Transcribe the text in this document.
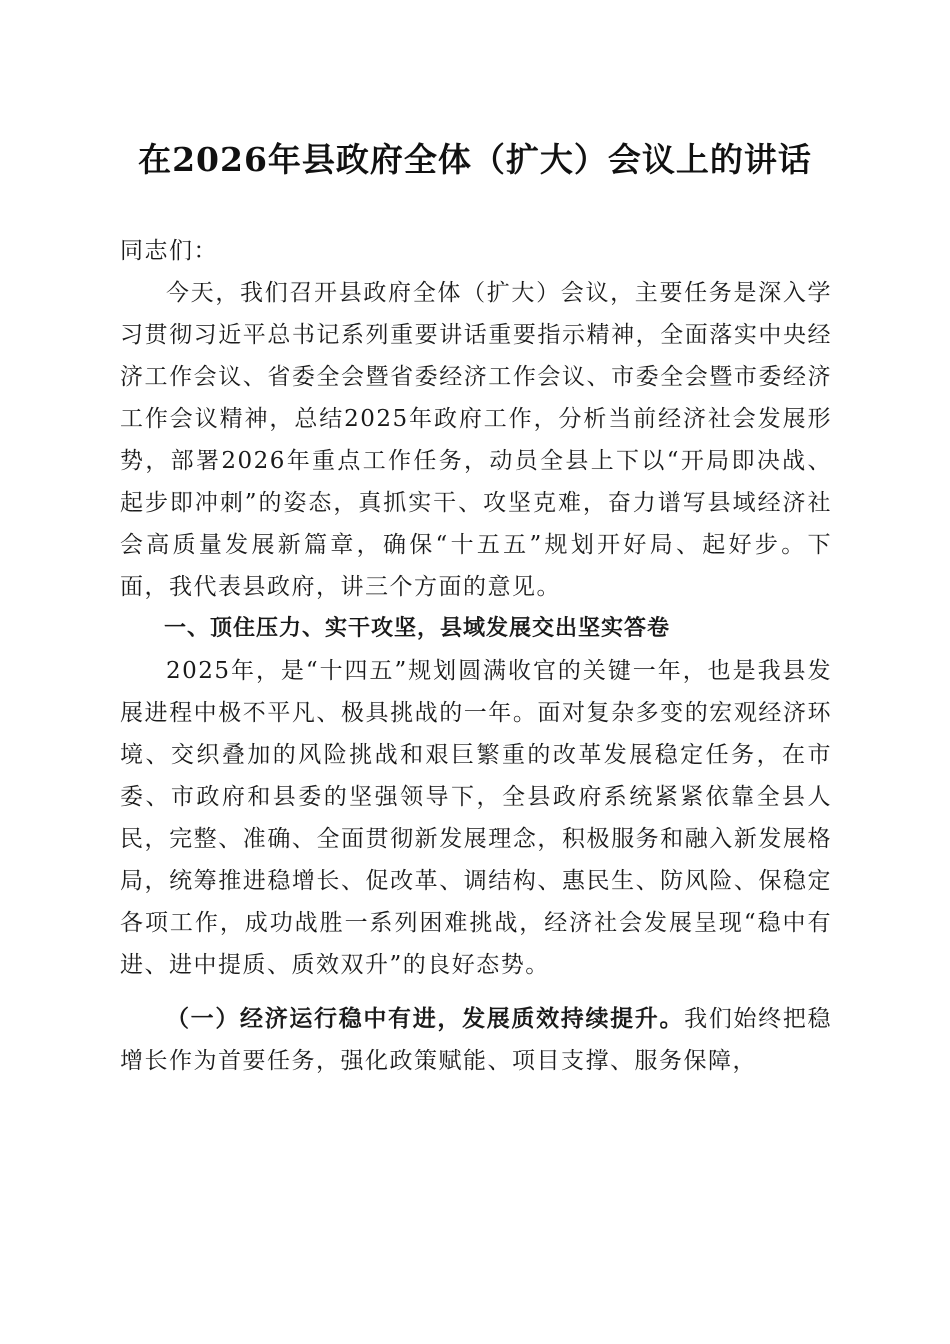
在2026年县政府全体（扩大）会议上的讲话

同志们：

今天，我们召开县政府全体（扩大）会议，主要任务是深入学习贯彻习近平总书记系列重要讲话重要指示精神，全面落实中央经济工作会议、省委全会暨省委经济工作会议、市委全会暨市委经济工作会议精神，总结2025年政府工作，分析当前经济社会发展形势，部署2026年重点工作任务，动员全县上下以“开局即决战、起步即冲刺”的姿态，真抓实干、攻坚克难，奋力谱写县域经济社会高质量发展新篇章，确保“十五五”规划开好局、起好步。下面，我代表县政府，讲三个方面的意见。

一、顶住压力、实干攻坚，县域发展交出坚实答卷

2025年，是“十四五”规划圆满收官的关键一年，也是我县发展进程中极不平凡、极具挑战的一年。面对复杂多变的宏观经济环境、交织叠加的风险挑战和艰巨繁重的改革发展稳定任务，在市委、市政府和县委的坚强领导下，全县政府系统紧紧依靠全县人民，完整、准确、全面贯彻新发展理念，积极服务和融入新发展格局，统筹推进稳增长、促改革、调结构、惠民生、防风险、保稳定各项工作，成功战胜一系列困难挑战，经济社会发展呈现“稳中有进、进中提质、质效双升”的良好态势。

（一）经济运行稳中有进，发展质效持续提升。我们始终把稳增长作为首要任务，强化政策赋能、项目支撑、服务保障，
